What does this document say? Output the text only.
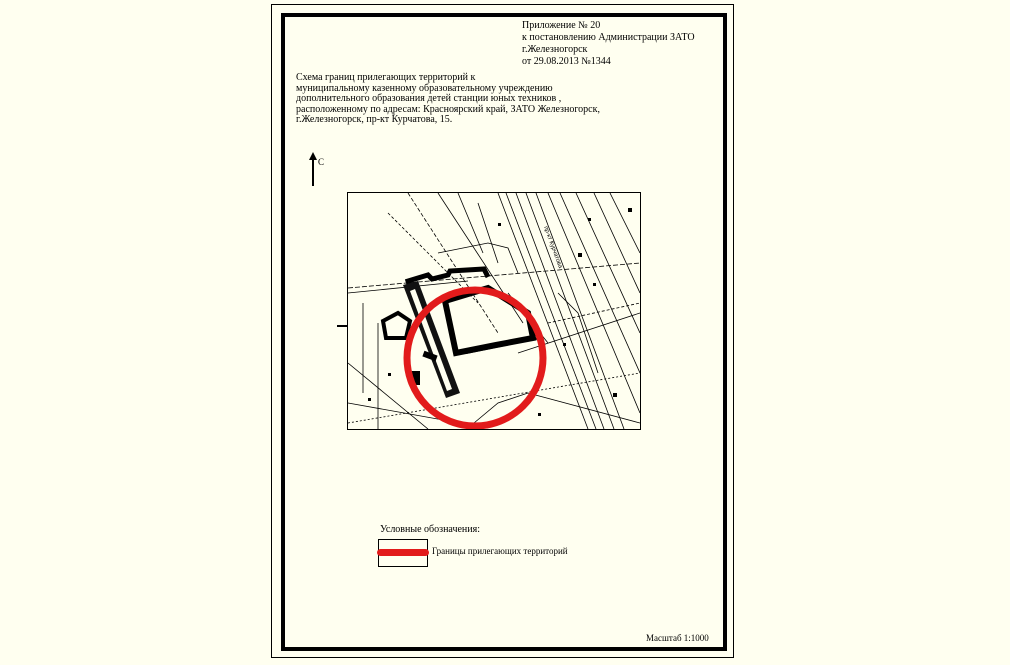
Приложение № 20
к постановлению Администрации ЗАТО
г.Железногорск
от 29.08.2013 №1344
Схема границ прилегающих территорий к
муниципальному казенному образовательному учреждению
дополнительного образования детей станции юных техников ,
расположенному по адресам: Красноярский край, ЗАТО Железногорск,
г.Железногорск, пр-кт Курчатова, 15.
С
пр-кт Курчатова
Условные обозначения:
Границы прилегающих территорий
Масштаб 1:1000
